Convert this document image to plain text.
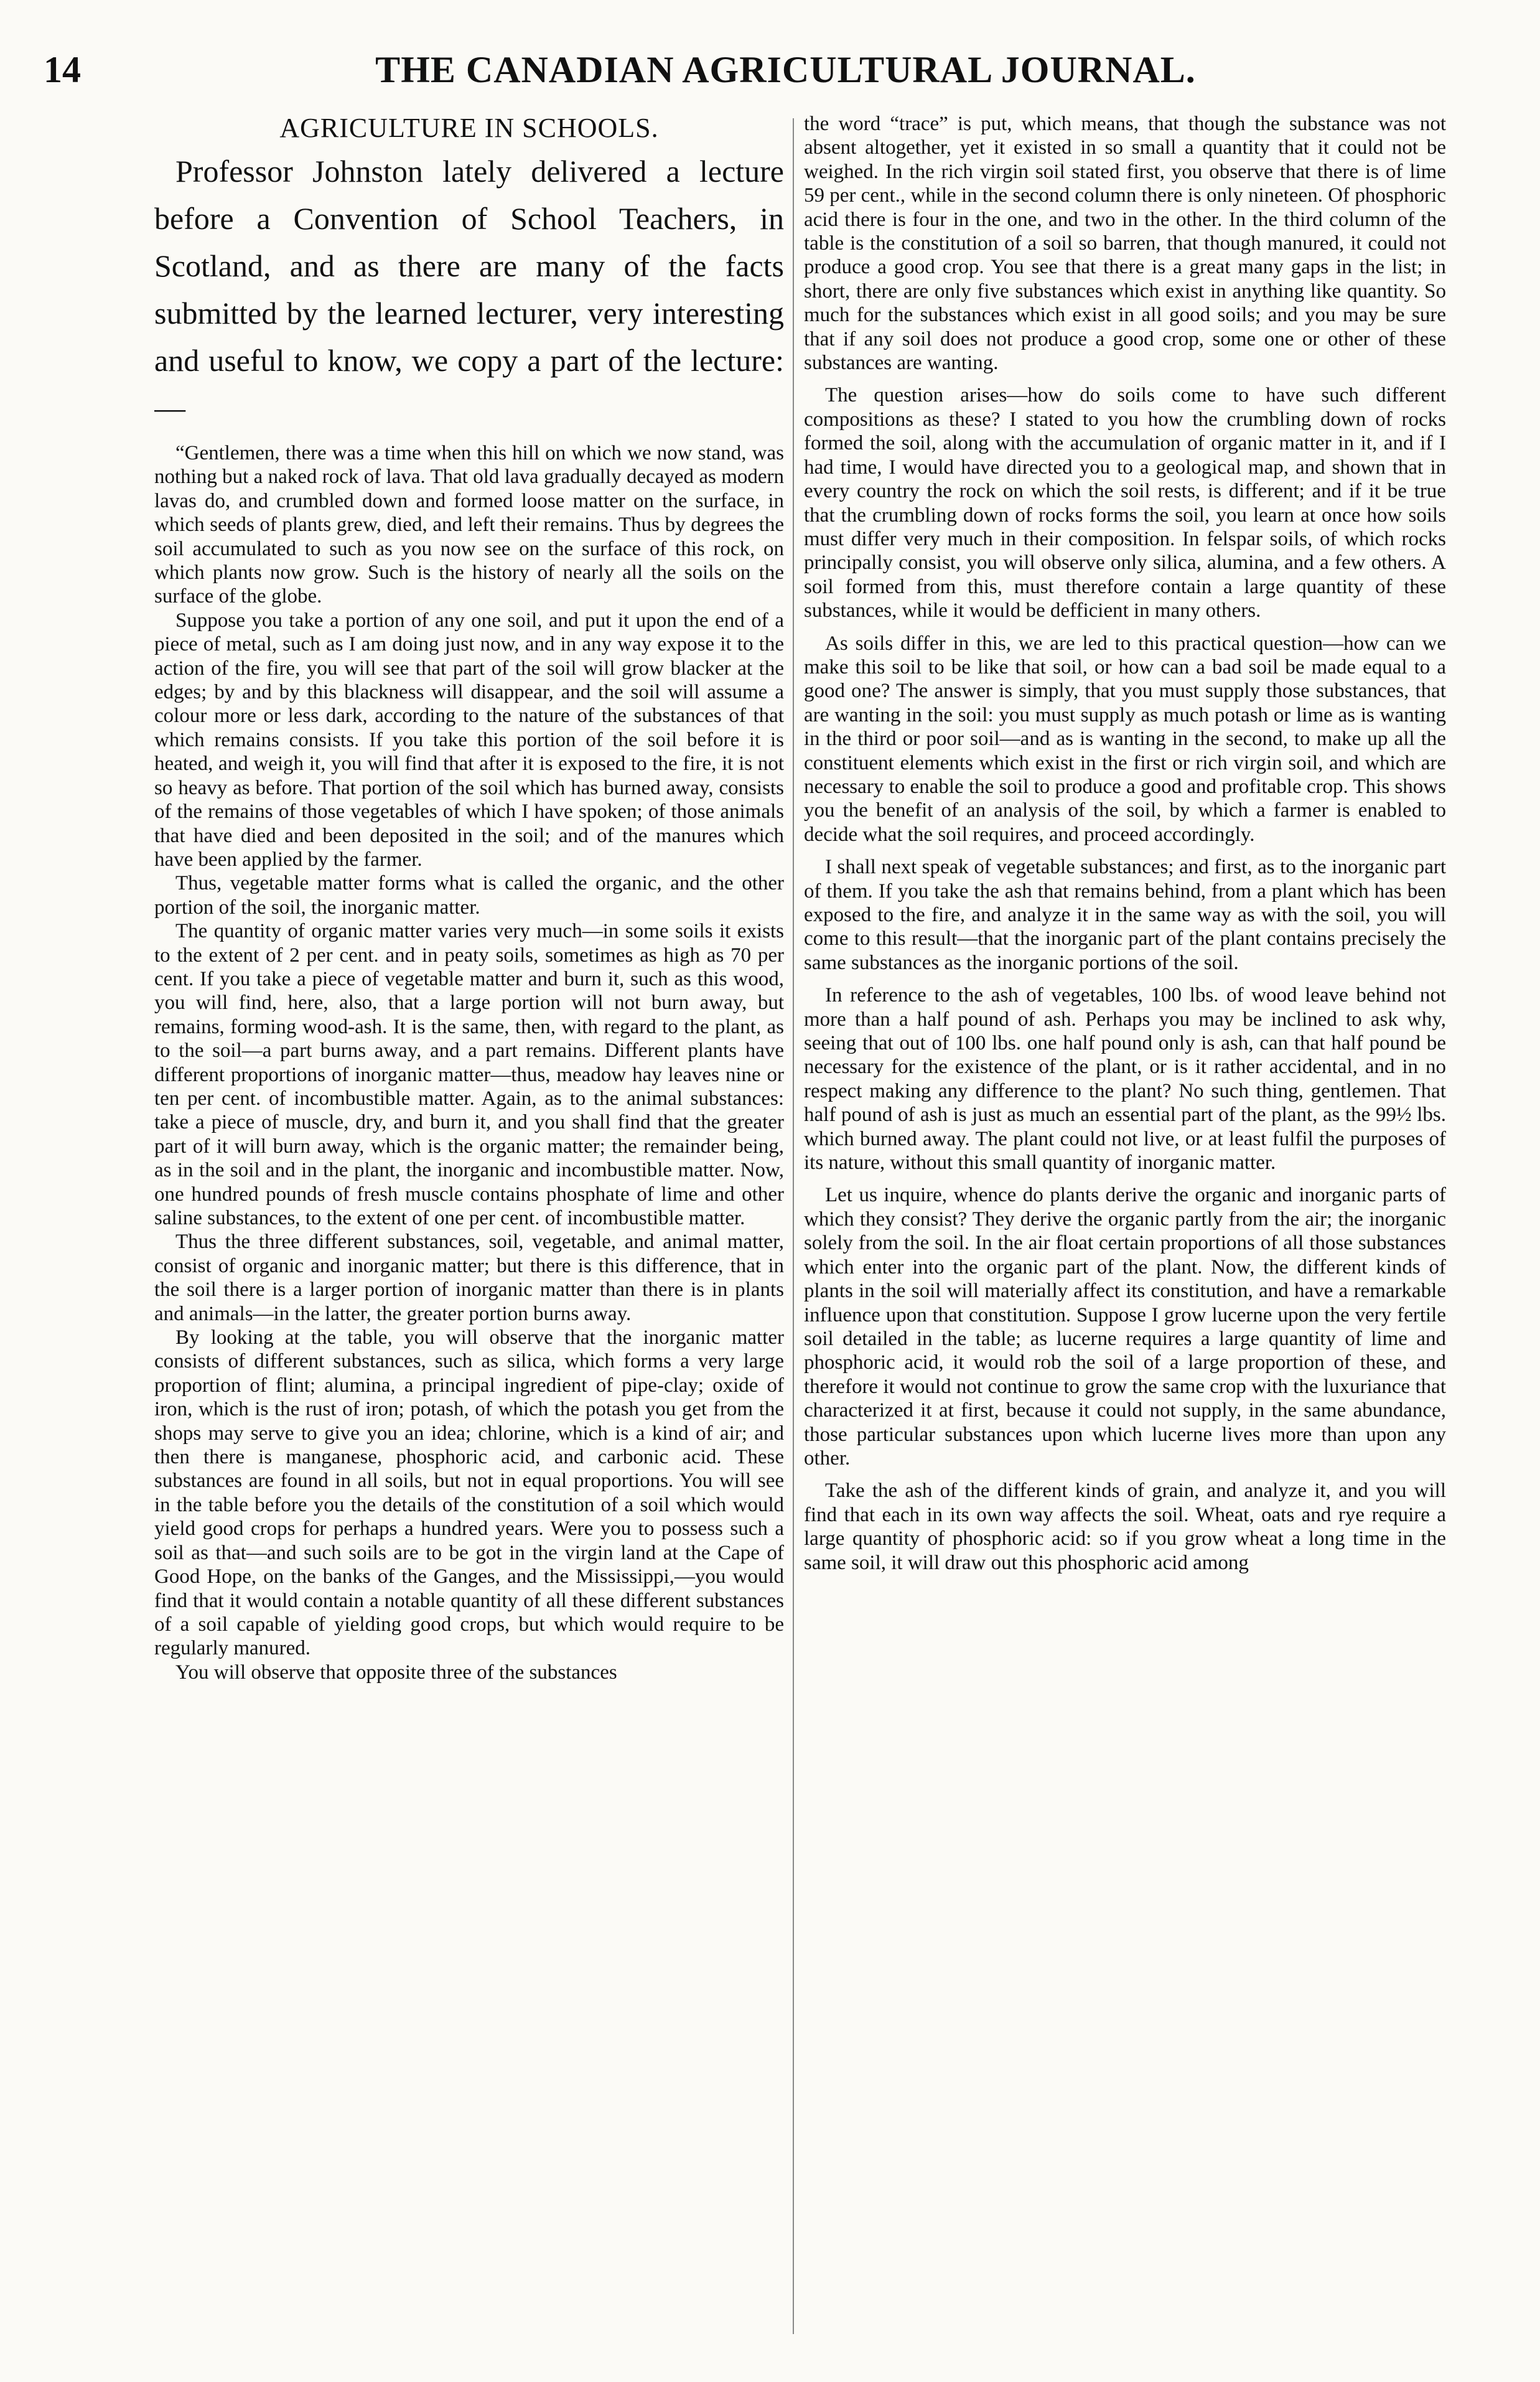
14	THE CANADIAN AGRICULTURAL JOURNAL.
AGRICULTURE IN SCHOOLS.

Professor Johnston lately delivered a lecture before a Convention of School Teachers, in Scotland, and as there are many of the facts submitted by the learned lecturer, very interesting and useful to know, we copy a part of the lecture:—

“Gentlemen, there was a time when this hill on which we now stand, was nothing but a naked rock of lava. That old lava gradually decayed as modern lavas do, and crumbled down and formed loose matter on the surface, in which seeds of plants grew, died, and left their remains. Thus by degrees the soil accumulated to such as you now see on the surface of this rock, on which plants now grow. Such is the history of nearly all the soils on the surface of the globe.

Suppose you take a portion of any one soil, and put it upon the end of a piece of metal, such as I am doing just now, and in any way expose it to the action of the fire, you will see that part of the soil will grow blacker at the edges; by and by this blackness will disappear, and the soil will assume a colour more or less dark, according to the nature of the substances of that which remains consists. If you take this portion of the soil before it is heated, and weigh it, you will find that after it is exposed to the fire, it is not so heavy as before. That portion of the soil which has burned away, consists of the remains of those vegetables of which I have spoken; of those animals that have died and been deposited in the soil; and of the manures which have been applied by the farmer.

Thus, vegetable matter forms what is called the organic, and the other portion of the soil, the inorganic matter.

The quantity of organic matter varies very much—in some soils it exists to the extent of 2 per cent. and in peaty soils, sometimes as high as 70 per cent. If you take a piece of vegetable matter and burn it, such as this wood, you will find, here, also, that a large portion will not burn away, but remains, forming wood-ash. It is the same, then, with regard to the plant, as to the soil—a part burns away, and a part remains. Different plants have different proportions of inorganic matter—thus, meadow hay leaves nine or ten per cent. of incombustible matter. Again, as to the animal substances: take a piece of muscle, dry, and burn it, and you shall find that the greater part of it will burn away, which is the organic matter; the remainder being, as in the soil and in the plant, the inorganic and incombustible matter. Now, one hundred pounds of fresh muscle contains phosphate of lime and other saline substances, to the extent of one per cent. of incombustible matter.

Thus the three different substances, soil, vegetable, and animal matter, consist of organic and inorganic matter; but there is this difference, that in the soil there is a larger portion of inorganic matter than there is in plants and animals—in the latter, the greater portion burns away.

By looking at the table, you will observe that the inorganic matter consists of different substances, such as silica, which forms a very large proportion of flint; alumina, a principal ingredient of pipe-clay; oxide of iron, which is the rust of iron; potash, of which the potash you get from the shops may serve to give you an idea; chlorine, which is a kind of air; and then there is manganese, phosphoric acid, and carbonic acid. These substances are found in all soils, but not in equal proportions. You will see in the table before you the details of the constitution of a soil which would yield good crops for perhaps a hundred years. Were you to possess such a soil as that—and such soils are to be got in the virgin land at the Cape of Good Hope, on the banks of the Ganges, and the Mississippi,—you would find that it would contain a notable quantity of all these different substances of a soil capable of yielding good crops, but which would require to be regularly manured.

You will observe that opposite three of the substances

the word “trace” is put, which means, that though the substance was not absent altogether, yet it existed in so small a quantity that it could not be weighed. In the rich virgin soil stated first, you observe that there is of lime 59 per cent., while in the second column there is only nineteen. Of phosphoric acid there is four in the one, and two in the other. In the third column of the table is the constitution of a soil so barren, that though manured, it could not produce a good crop. You see that there is a great many gaps in the list; in short, there are only five substances which exist in anything like quantity. So much for the substances which exist in all good soils; and you may be sure that if any soil does not produce a good crop, some one or other of these substances are wanting.

The question arises—how do soils come to have such different compositions as these? I stated to you how the crumbling down of rocks formed the soil, along with the accumulation of organic matter in it, and if I had time, I would have directed you to a geological map, and shown that in every country the rock on which the soil rests, is different; and if it be true that the crumbling down of rocks forms the soil, you learn at once how soils must differ very much in their composition. In felspar soils, of which rocks principally consist, you will observe only silica, alumina, and a few others. A soil formed from this, must therefore contain a large quantity of these substances, while it would be defficient in many others.

As soils differ in this, we are led to this practical question—how can we make this soil to be like that soil, or how can a bad soil be made equal to a good one? The answer is simply, that you must supply those substances, that are wanting in the soil: you must supply as much potash or lime as is wanting in the third or poor soil—and as is wanting in the second, to make up all the constituent elements which exist in the first or rich virgin soil, and which are necessary to enable the soil to produce a good and profitable crop. This shows you the benefit of an analysis of the soil, by which a farmer is enabled to decide what the soil requires, and proceed accordingly.

I shall next speak of vegetable substances; and first, as to the inorganic part of them. If you take the ash that remains behind, from a plant which has been exposed to the fire, and analyze it in the same way as with the soil, you will come to this result—that the inorganic part of the plant contains precisely the same substances as the inorganic portions of the soil.

In reference to the ash of vegetables, 100 lbs. of wood leave behind not more than a half pound of ash. Perhaps you may be inclined to ask why, seeing that out of 100 lbs. one half pound only is ash, can that half pound be necessary for the existence of the plant, or is it rather accidental, and in no respect making any difference to the plant? No such thing, gentlemen. That half pound of ash is just as much an essential part of the plant, as the 99½ lbs. which burned away. The plant could not live, or at least fulfil the purposes of its nature, without this small quantity of inorganic matter.

Let us inquire, whence do plants derive the organic and inorganic parts of which they consist? They derive the organic partly from the air; the inorganic solely from the soil. In the air float certain proportions of all those substances which enter into the organic part of the plant. Now, the different kinds of plants in the soil will materially affect its constitution, and have a remarkable influence upon that constitution. Suppose I grow lucerne upon the very fertile soil detailed in the table; as lucerne requires a large quantity of lime and phosphoric acid, it would rob the soil of a large proportion of these, and therefore it would not continue to grow the same crop with the luxuriance that characterized it at first, because it could not supply, in the same abundance, those particular substances upon which lucerne lives more than upon any other.

Take the ash of the different kinds of grain, and analyze it, and you will find that each in its own way affects the soil. Wheat, oats and rye require a large quantity of phosphoric acid: so if you grow wheat a long time in the same soil, it will draw out this phosphoric acid among
